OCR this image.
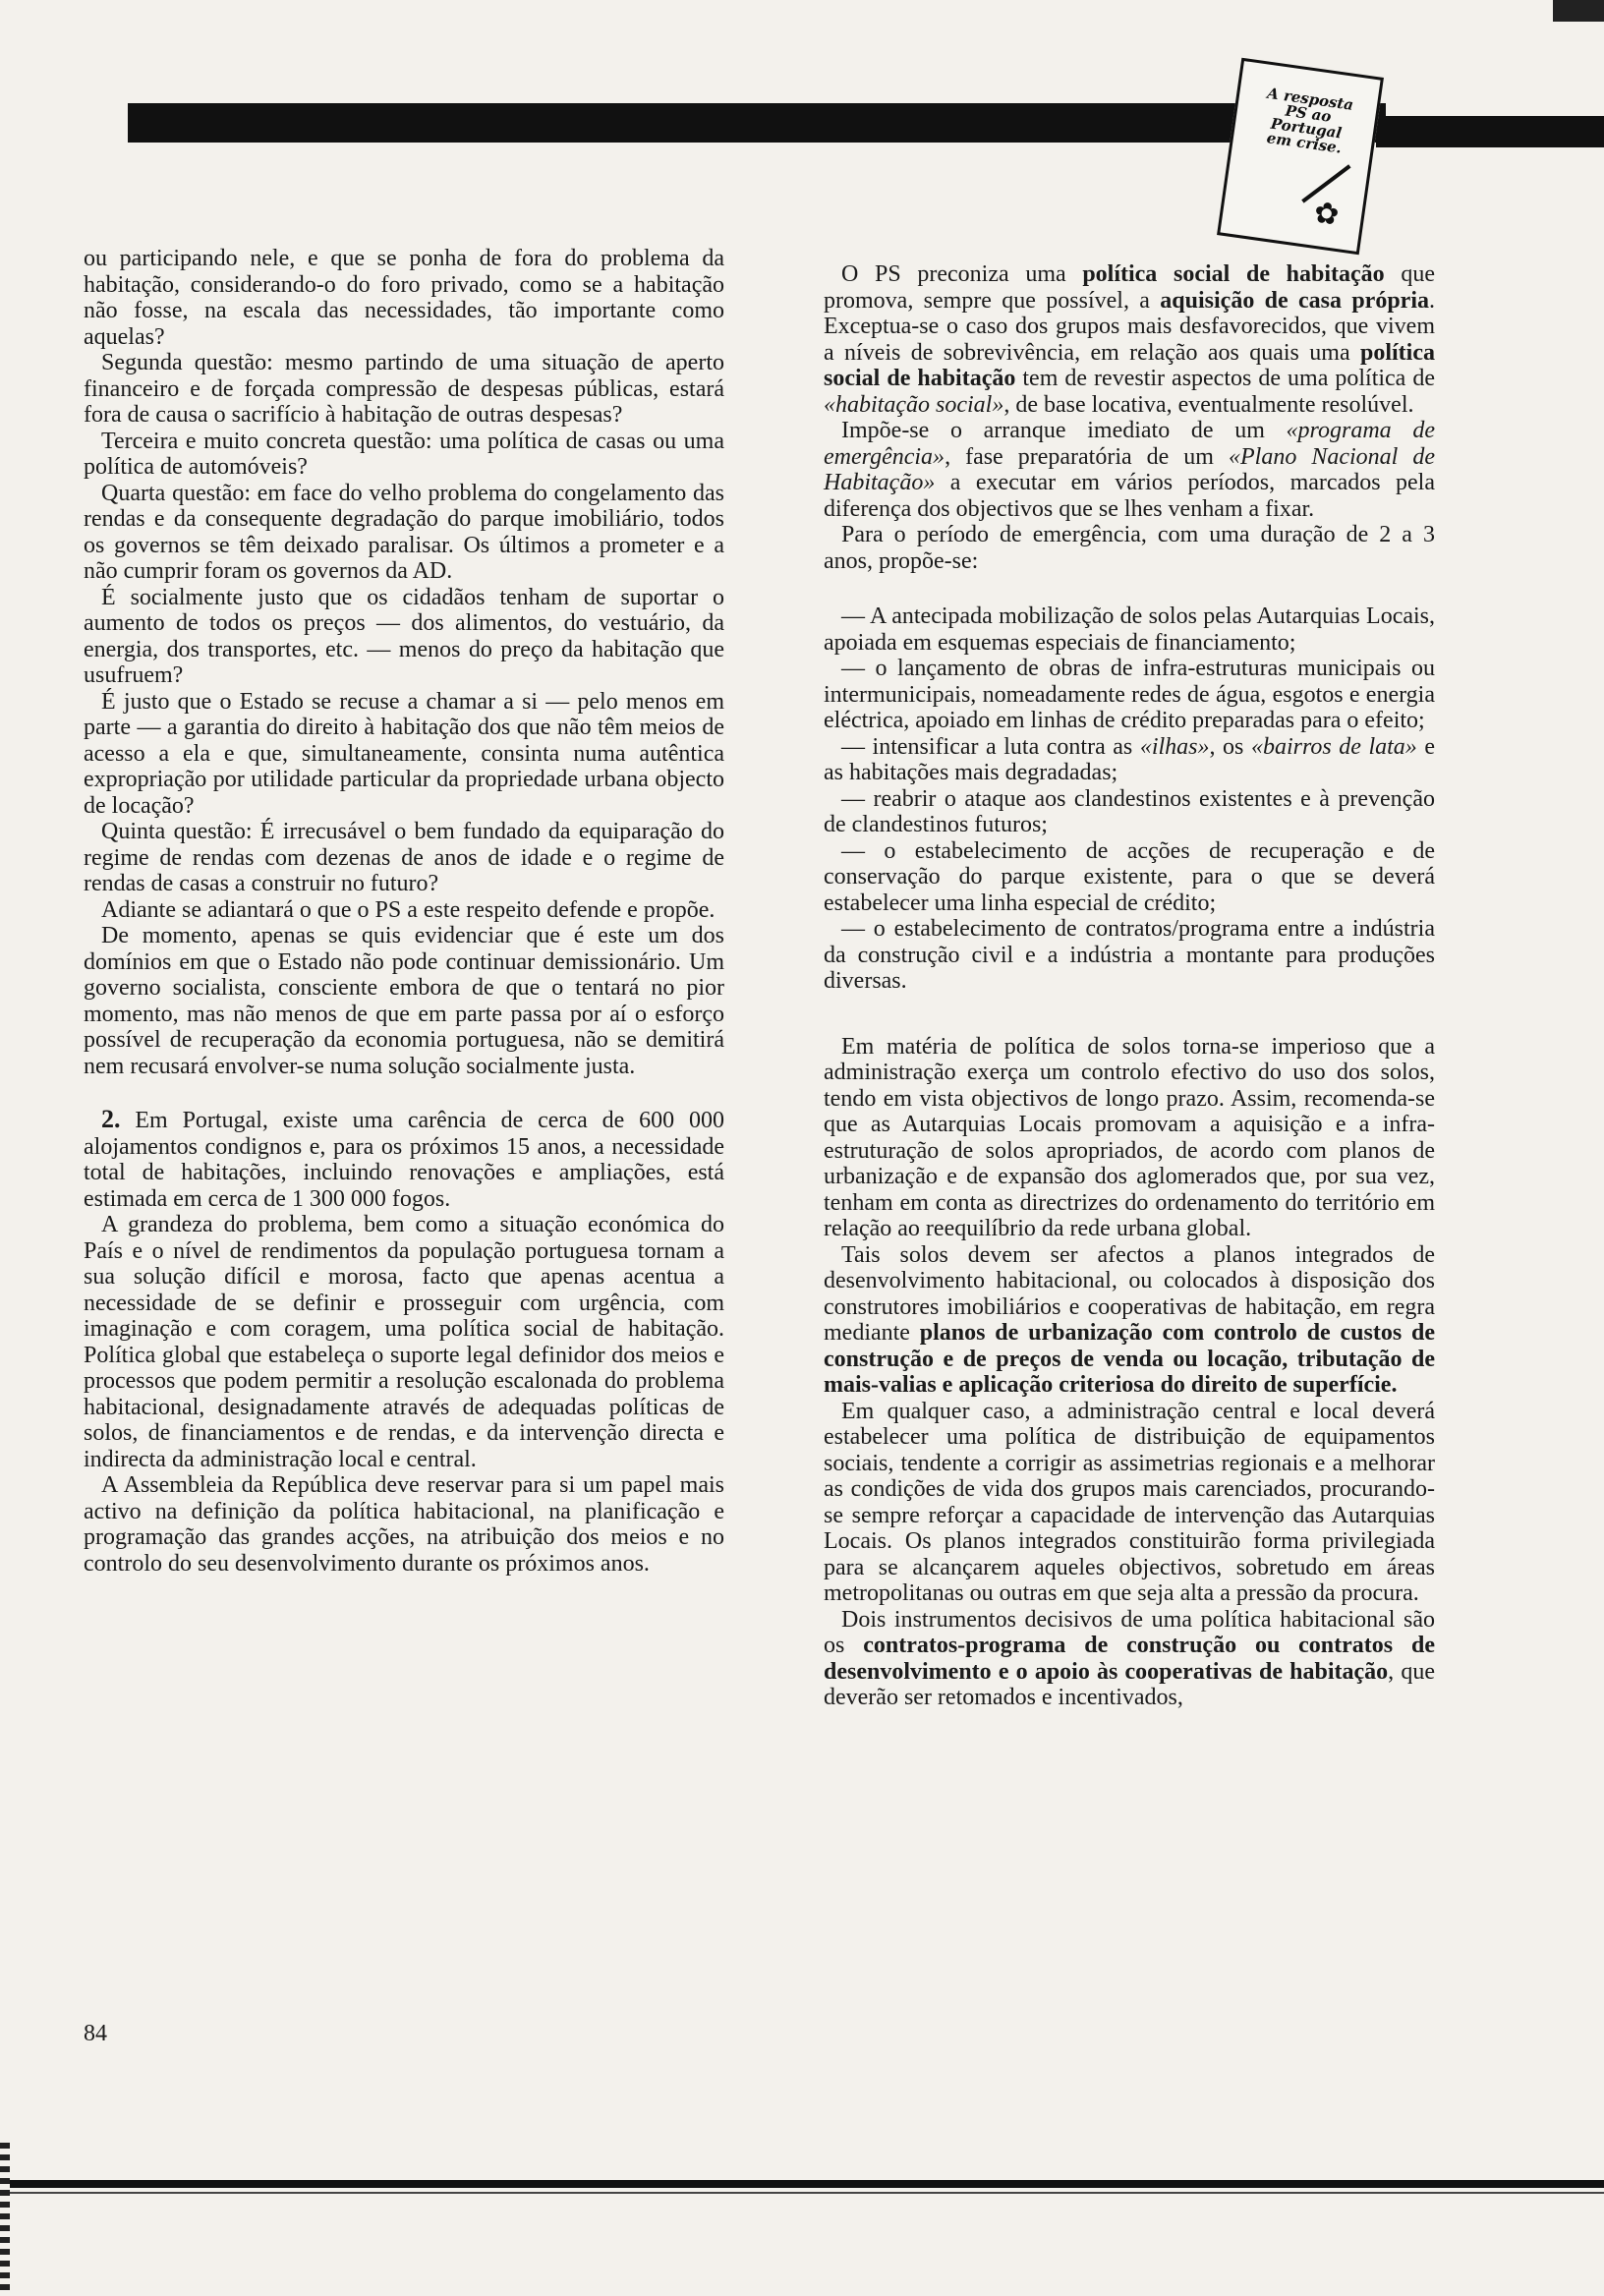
A resposta PS ao Portugal em crise.
✿

ou participando nele, e que se ponha de fora do problema da habitação, considerando-o do foro privado, como se a habitação não fosse, na escala das necessidades, tão importante como aquelas?

Segunda questão: mesmo partindo de uma situação de aperto financeiro e de forçada compressão de despesas públicas, estará fora de causa o sacrifício à habitação de outras despesas?

Terceira e muito concreta questão: uma política de casas ou uma política de automóveis?

Quarta questão: em face do velho problema do congelamento das rendas e da consequente degradação do parque imobiliário, todos os governos se têm deixado paralisar. Os últimos a prometer e a não cumprir foram os governos da AD.

É socialmente justo que os cidadãos tenham de suportar o aumento de todos os preços — dos alimentos, do vestuário, da energia, dos transportes, etc. — menos do preço da habitação que usufruem?

É justo que o Estado se recuse a chamar a si — pelo menos em parte — a garantia do direito à habitação dos que não têm meios de acesso a ela e que, simultaneamente, consinta numa autêntica expropriação por utilidade particular da propriedade urbana objecto de locação?

Quinta questão: É irrecusável o bem fundado da equiparação do regime de rendas com dezenas de anos de idade e o regime de rendas de casas a construir no futuro?

Adiante se adiantará o que o PS a este respeito defende e propõe.

De momento, apenas se quis evidenciar que é este um dos domínios em que o Estado não pode continuar demissionário. Um governo socialista, consciente embora de que o tentará no pior momento, mas não menos de que em parte passa por aí o esforço possível de recuperação da economia portuguesa, não se demitirá nem recusará envolver-se numa solução socialmente justa.

2. Em Portugal, existe uma carência de cerca de 600 000 alojamentos condignos e, para os próximos 15 anos, a necessidade total de habitações, incluindo renovações e ampliações, está estimada em cerca de 1 300 000 fogos.

A grandeza do problema, bem como a situação económica do País e o nível de rendimentos da população portuguesa tornam a sua solução difícil e morosa, facto que apenas acentua a necessidade de se definir e prosseguir com urgência, com imaginação e com coragem, uma política social de habitação. Política global que estabeleça o suporte legal definidor dos meios e processos que podem permitir a resolução escalonada do problema habitacional, designadamente através de adequadas políticas de solos, de financiamentos e de rendas, e da intervenção directa e indirecta da administração local e central.

A Assembleia da República deve reservar para si um papel mais activo na definição da política habitacional, na planificação e programação das grandes acções, na atribuição dos meios e no controlo do seu desenvolvimento durante os próximos anos.

84

O PS preconiza uma política social de habitação que promova, sempre que possível, a aquisição de casa própria. Exceptua-se o caso dos grupos mais desfavorecidos, que vivem a níveis de sobrevivência, em relação aos quais uma política social de habitação tem de revestir aspectos de uma política de «habitação social», de base locativa, eventualmente resolúvel.

Impõe-se o arranque imediato de um «programa de emergência», fase preparatória de um «Plano Nacional de Habitação» a executar em vários períodos, marcados pela diferença dos objectivos que se lhes venham a fixar.

Para o período de emergência, com uma duração de 2 a 3 anos, propõe-se:

— A antecipada mobilização de solos pelas Autarquias Locais, apoiada em esquemas especiais de financiamento;

— o lançamento de obras de infra-estruturas municipais ou intermunicipais, nomeadamente redes de água, esgotos e energia eléctrica, apoiado em linhas de crédito preparadas para o efeito;

— intensificar a luta contra as «ilhas», os «bairros de lata» e as habitações mais degradadas;

— reabrir o ataque aos clandestinos existentes e à prevenção de clandestinos futuros;

— o estabelecimento de acções de recuperação e de conservação do parque existente, para o que se deverá estabelecer uma linha especial de crédito;

— o estabelecimento de contratos/programa entre a indústria da construção civil e a indústria a montante para produções diversas.

Em matéria de política de solos torna-se imperioso que a administração exerça um controlo efectivo do uso dos solos, tendo em vista objectivos de longo prazo. Assim, recomenda-se que as Autarquias Locais promovam a aquisição e a infra-estruturação de solos apropriados, de acordo com planos de urbanização e de expansão dos aglomerados que, por sua vez, tenham em conta as directrizes do ordenamento do território em relação ao reequilíbrio da rede urbana global.

Tais solos devem ser afectos a planos integrados de desenvolvimento habitacional, ou colocados à disposição dos construtores imobiliários e cooperativas de habitação, em regra mediante planos de urbanização com controlo de custos de construção e de preços de venda ou locação, tributação de mais-valias e aplicação criteriosa do direito de superfície.

Em qualquer caso, a administração central e local deverá estabelecer uma política de distribuição de equipamentos sociais, tendente a corrigir as assimetrias regionais e a melhorar as condições de vida dos grupos mais carenciados, procurando-se sempre reforçar a capacidade de intervenção das Autarquias Locais. Os planos integrados constituirão forma privilegiada para se alcançarem aqueles objectivos, sobretudo em áreas metropolitanas ou outras em que seja alta a pressão da procura.

Dois instrumentos decisivos de uma política habitacional são os contratos-programa de construção ou contratos de desenvolvimento e o apoio às cooperativas de habitação, que deverão ser retomados e incentivados,
